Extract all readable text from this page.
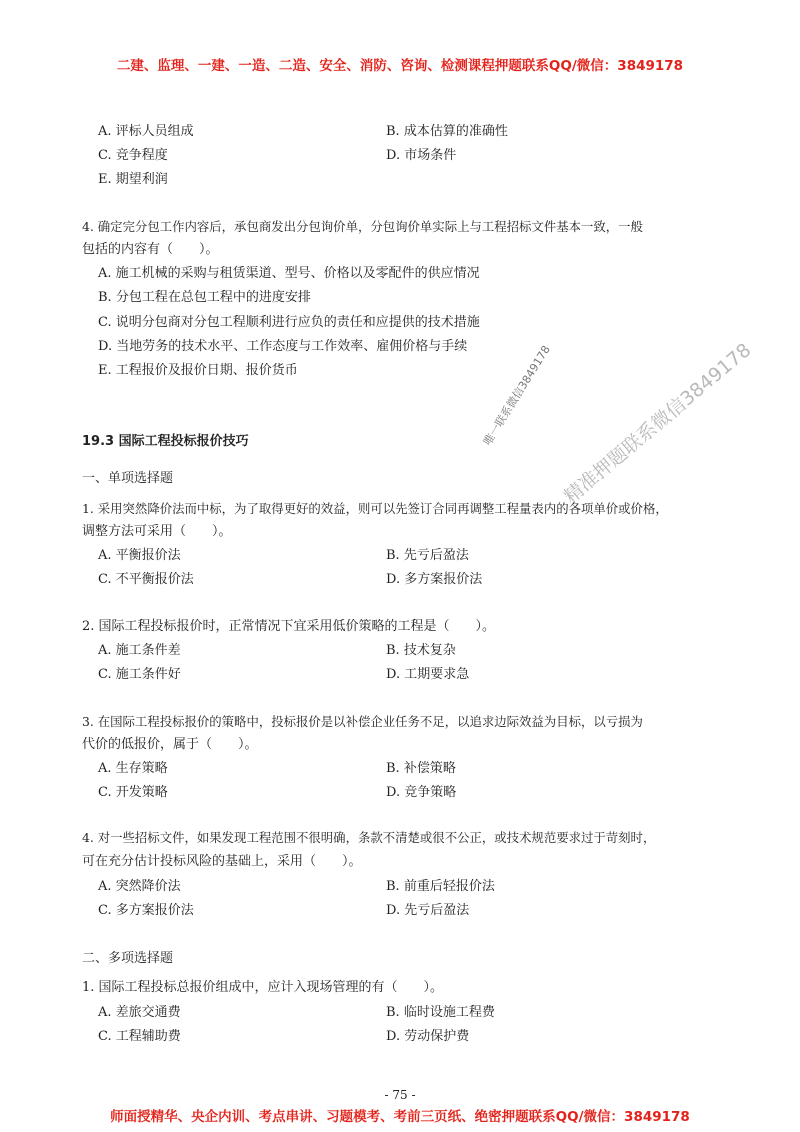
二建、监理、一建、一造、二造、安全、消防、咨询、检测课程押题联系QQ/微信：3849178
A. 评标人员组成	B. 成本估算的准确性
C. 竞争程度	D. 市场条件
E. 期望利润
4. 确定完分包工作内容后，承包商发出分包询价单，分包询价单实际上与工程招标文件基本一致，一般
包括的内容有（　　）。
A. 施工机械的采购与租赁渠道、型号、价格以及零配件的供应情况
B. 分包工程在总包工程中的进度安排
C. 说明分包商对分包工程顺利进行应负的责任和应提供的技术措施
D. 当地劳务的技术水平、工作态度与工作效率、雇佣价格与手续
E. 工程报价及报价日期、报价货币
19.3 国际工程投标报价技巧
一、单项选择题
1. 采用突然降价法而中标，为了取得更好的效益，则可以先签订合同再调整工程量表内的各项单价或价格，
调整方法可采用（　　）。
A. 平衡报价法	B. 先亏后盈法
C. 不平衡报价法	D. 多方案报价法
2. 国际工程投标报价时，正常情况下宜采用低价策略的工程是（　　）。
A. 施工条件差	B. 技术复杂
C. 施工条件好	D. 工期要求急
3. 在国际工程投标报价的策略中，投标报价是以补偿企业任务不足，以追求边际效益为目标，以亏损为
代价的低报价，属于（　　）。
A. 生存策略	B. 补偿策略
C. 开发策略	D. 竞争策略
4. 对一些招标文件，如果发现工程范围不很明确，条款不清楚或很不公正，或技术规范要求过于苛刻时，
可在充分估计投标风险的基础上，采用（　　）。
A. 突然降价法	B. 前重后轻报价法
C. 多方案报价法	D. 先亏后盈法
二、多项选择题
1. 国际工程投标总报价组成中，应计入现场管理的有（　　）。
A. 差旅交通费	B. 临时设施工程费
C. 工程辅助费	D. 劳动保护费
唯一联系微信3849178 精准押题联系微信3849178
- 75 -
师面授精华、央企内训、考点串讲、习题模考、考前三页纸、绝密押题联系QQ/微信：3849178
